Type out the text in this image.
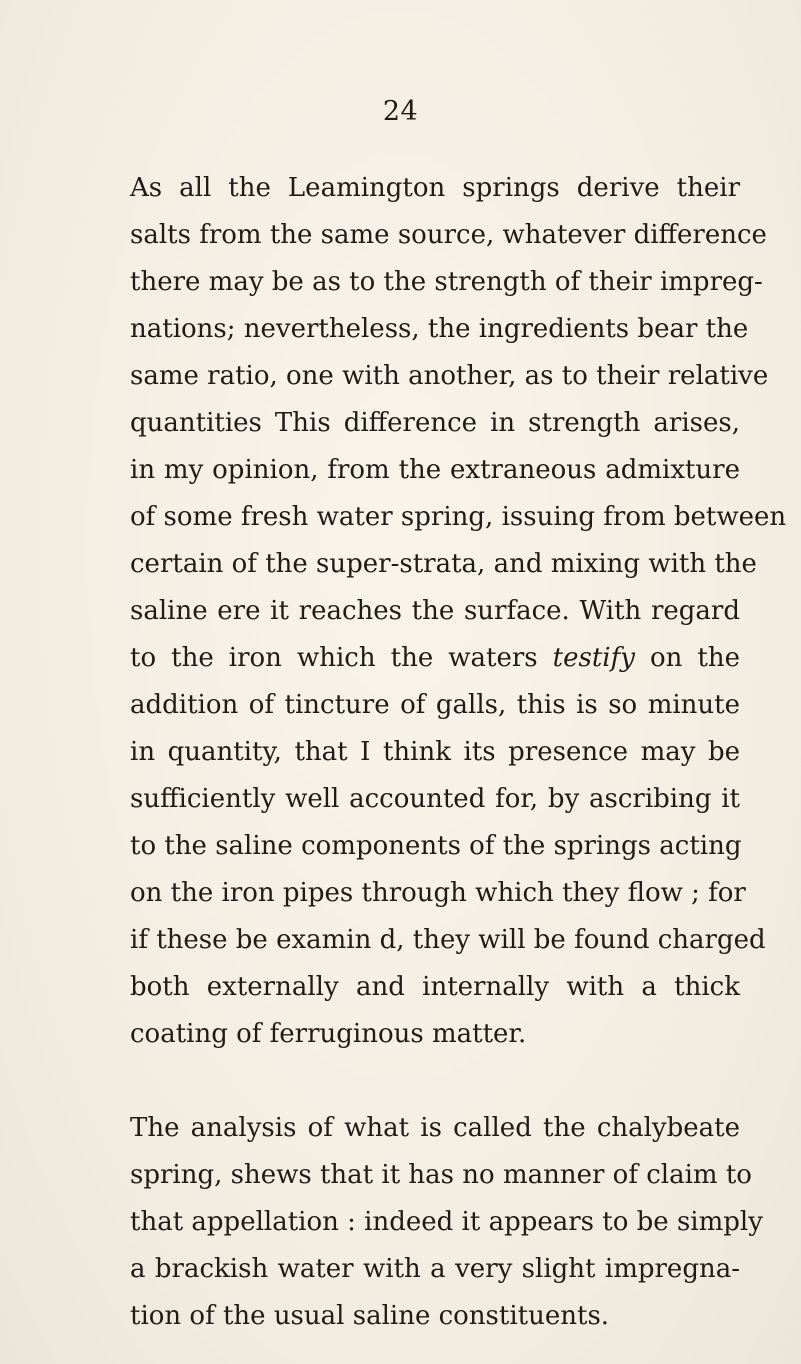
24
As all the Leamington springs derive their
salts from the same source, whatever difference
there may be as to the strength of their impreg-
nations; nevertheless, the ingredients bear the
same ratio, one with another, as to their relative
quantities This difference in strength arises,
in my opinion, from the extraneous admixture
of some fresh water spring, issuing from between
certain of the super-strata, and mixing with the
saline ere it reaches the surface. With regard
to the iron which the waters testify on the
addition of tincture of galls, this is so minute
in quantity, that I think its presence may be
sufficiently well accounted for, by ascribing it
to the saline components of the springs acting
on the iron pipes through which they flow ; for
if these be examin d, they will be found charged
both externally and internally with a thick
coating of ferruginous matter.
The analysis of what is called the chalybeate
spring, shews that it has no manner of claim to
that appellation : indeed it appears to be simply
a brackish water with a very slight impregna-
tion of the usual saline constituents.
